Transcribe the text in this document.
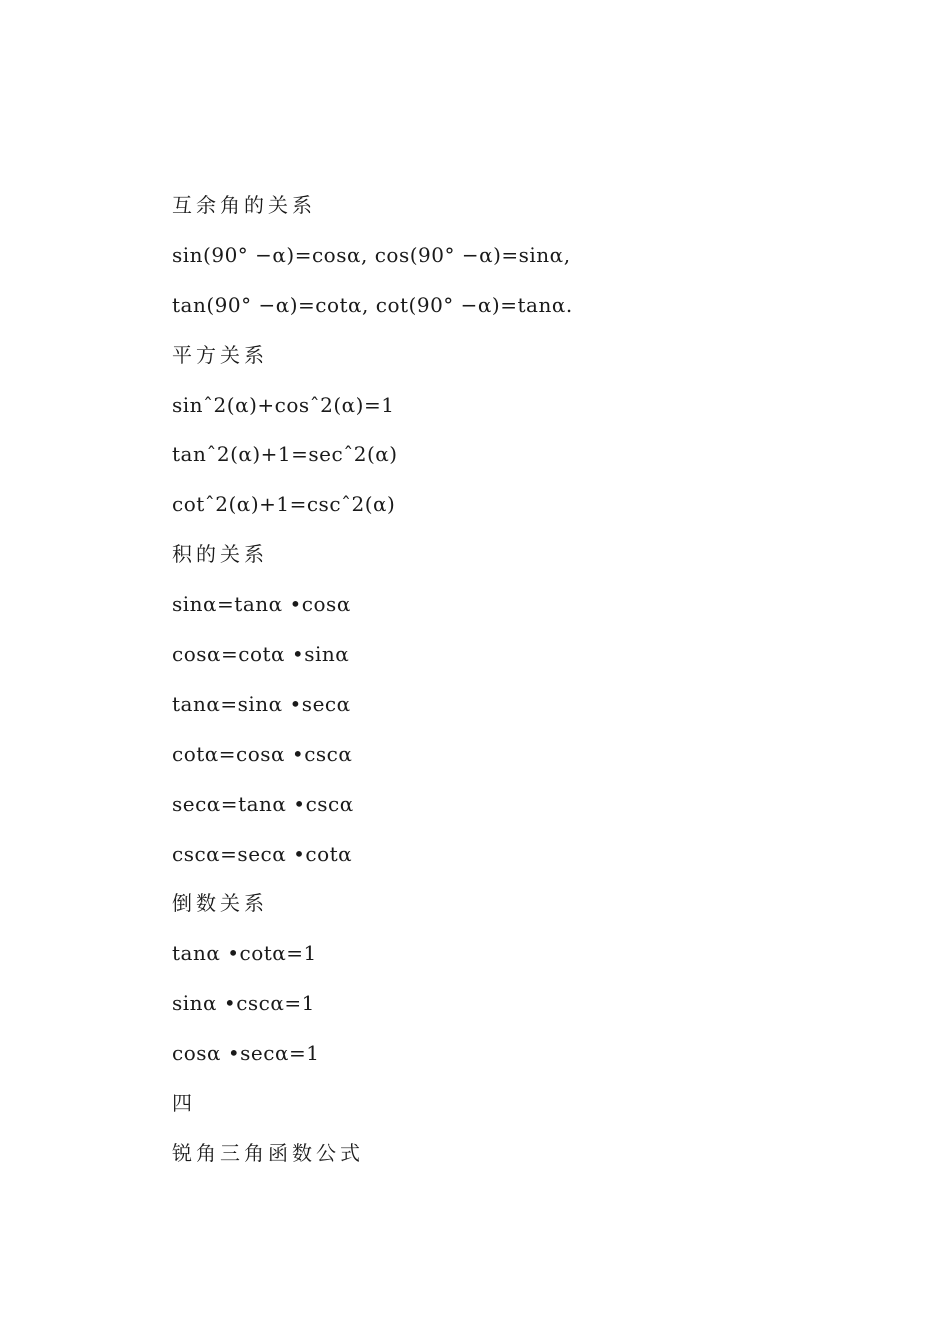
互余角的关系
sin(90° −α)=cosα, cos(90° −α)=sinα,
tan(90° −α)=cotα, cot(90° −α)=tanα.
平方关系
sinˆ2(α)+cosˆ2(α)=1
tanˆ2(α)+1=secˆ2(α)
cotˆ2(α)+1=cscˆ2(α)
积的关系
sinα=tanα •cosα
cosα=cotα •sinα
tanα=sinα •secα
cotα=cosα •cscα
secα=tanα •cscα
cscα=secα •cotα
倒数关系
tanα •cotα=1
sinα •cscα=1
cosα •secα=1
四
锐角三角函数公式
